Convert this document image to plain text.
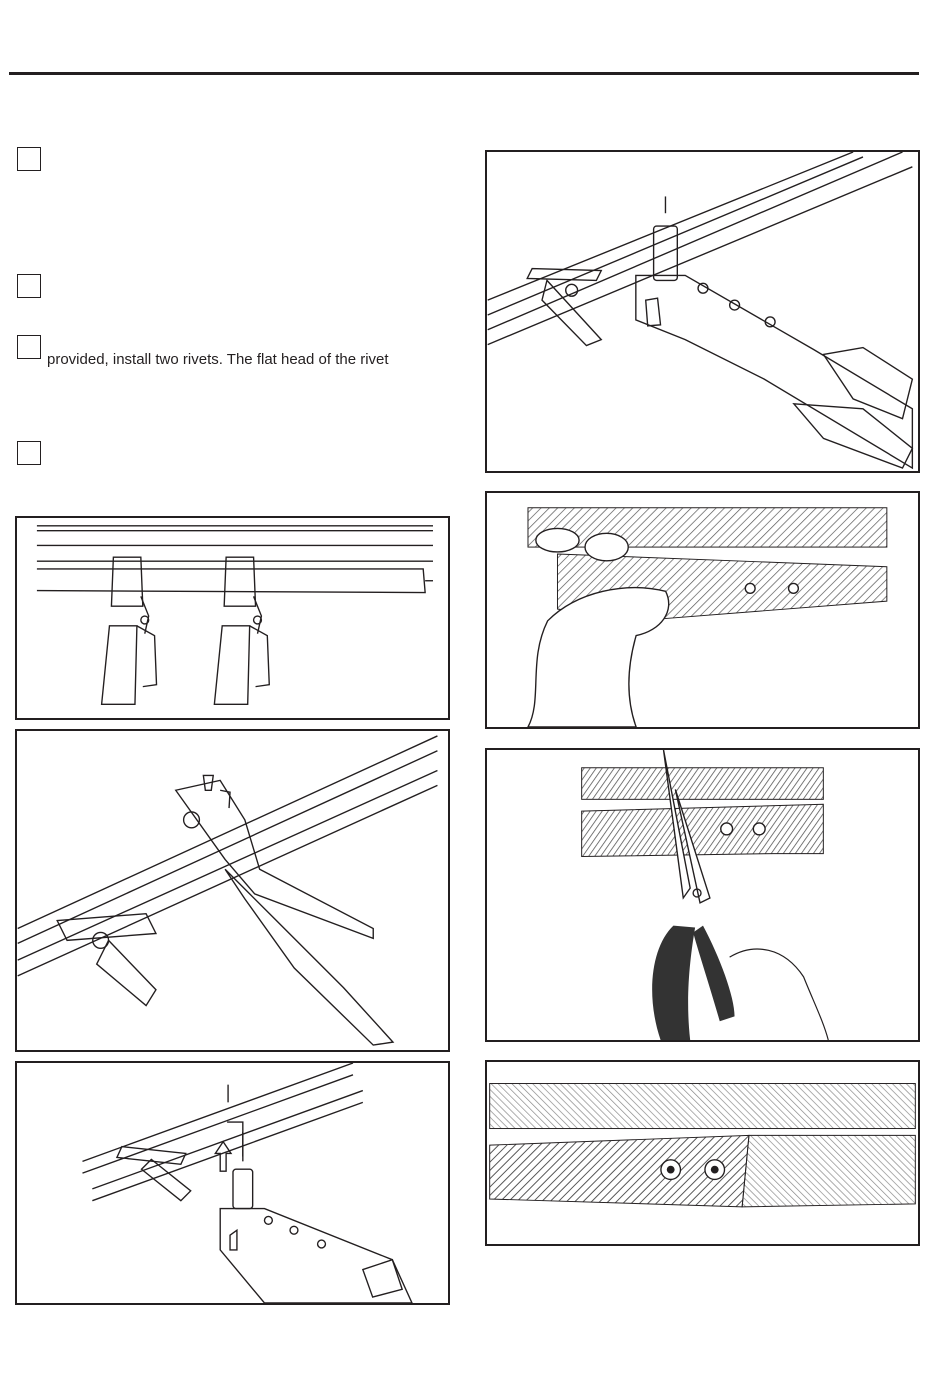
provided, install two rivets. The flat head of the rivet
